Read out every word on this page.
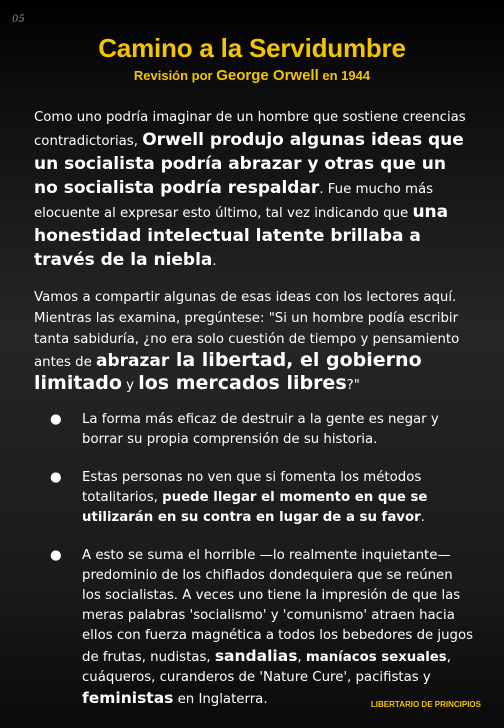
05
Camino a la Servidumbre
Revisión por George Orwell en 1944

Como uno podría imaginar de un hombre que sostiene creencias contradictorias, Orwell produjo algunas ideas que un socialista podría abrazar y otras que un no socialista podría respaldar. Fue mucho más elocuente al expresar esto último, tal vez indicando que una honestidad intelectual latente brillaba a través de la niebla.

Vamos a compartir algunas de esas ideas con los lectores aquí. Mientras las examina, pregúntese: "Si un hombre podía escribir tanta sabiduría, ¿no era solo cuestión de tiempo y pensamiento antes de abrazar la libertad, el gobierno limitado y los mercados libres?"

● La forma más eficaz de destruir a la gente es negar y borrar su propia comprensión de su historia.
● Estas personas no ven que si fomenta los métodos totalitarios, puede llegar el momento en que se utilizarán en su contra en lugar de a su favor.
● A esto se suma el horrible —lo realmente inquietante— predominio de los chiflados dondequiera que se reúnen los socialistas. A veces uno tiene la impresión de que las meras palabras 'socialismo' y 'comunismo' atraen hacia ellos con fuerza magnética a todos los bebedores de jugos de frutas, nudistas, sandalias, maníacos sexuales, cuáqueros, curanderos de 'Nature Cure', pacifistas y feministas en Inglaterra.	LIBERTARIO DE PRINCIPIOS
